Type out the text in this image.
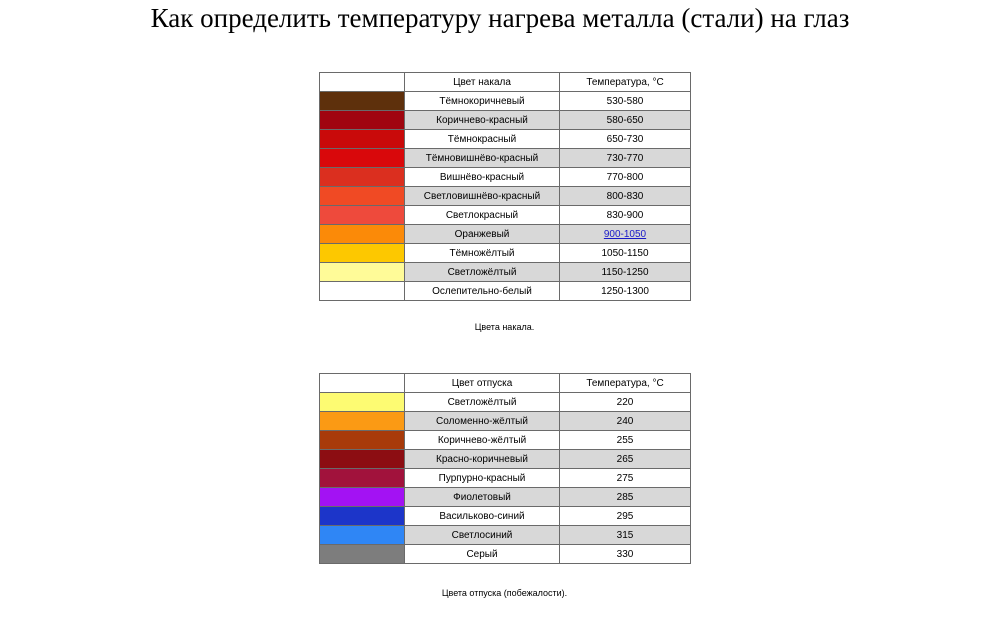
Как определить температуру нагрева металла (стали) на глаз
	Цвет накала	Температура, °С
	Тёмнокоричневый	530-580
	Коричнево-красный	580-650
	Тёмнокрасный	650-730
	Тёмновишнёво-красный	730-770
	Вишнёво-красный	770-800
	Светловишнёво-красный	800-830
	Светлокрасный	830-900
	Оранжевый	900-1050
	Тёмножёлтый	1050-1150
	Светложёлтый	1150-1250
	Ослепительно-белый	1250-1300
Цвета накала.
	Цвет отпуска	Температура, °С
	Светложёлтый	220
	Соломенно-жёлтый	240
	Коричнево-жёлтый	255
	Красно-коричневый	265
	Пурпурно-красный	275
	Фиолетовый	285
	Васильково-синий	295
	Светлосиний	315
	Серый	330
Цвета отпуска (побежалости).
